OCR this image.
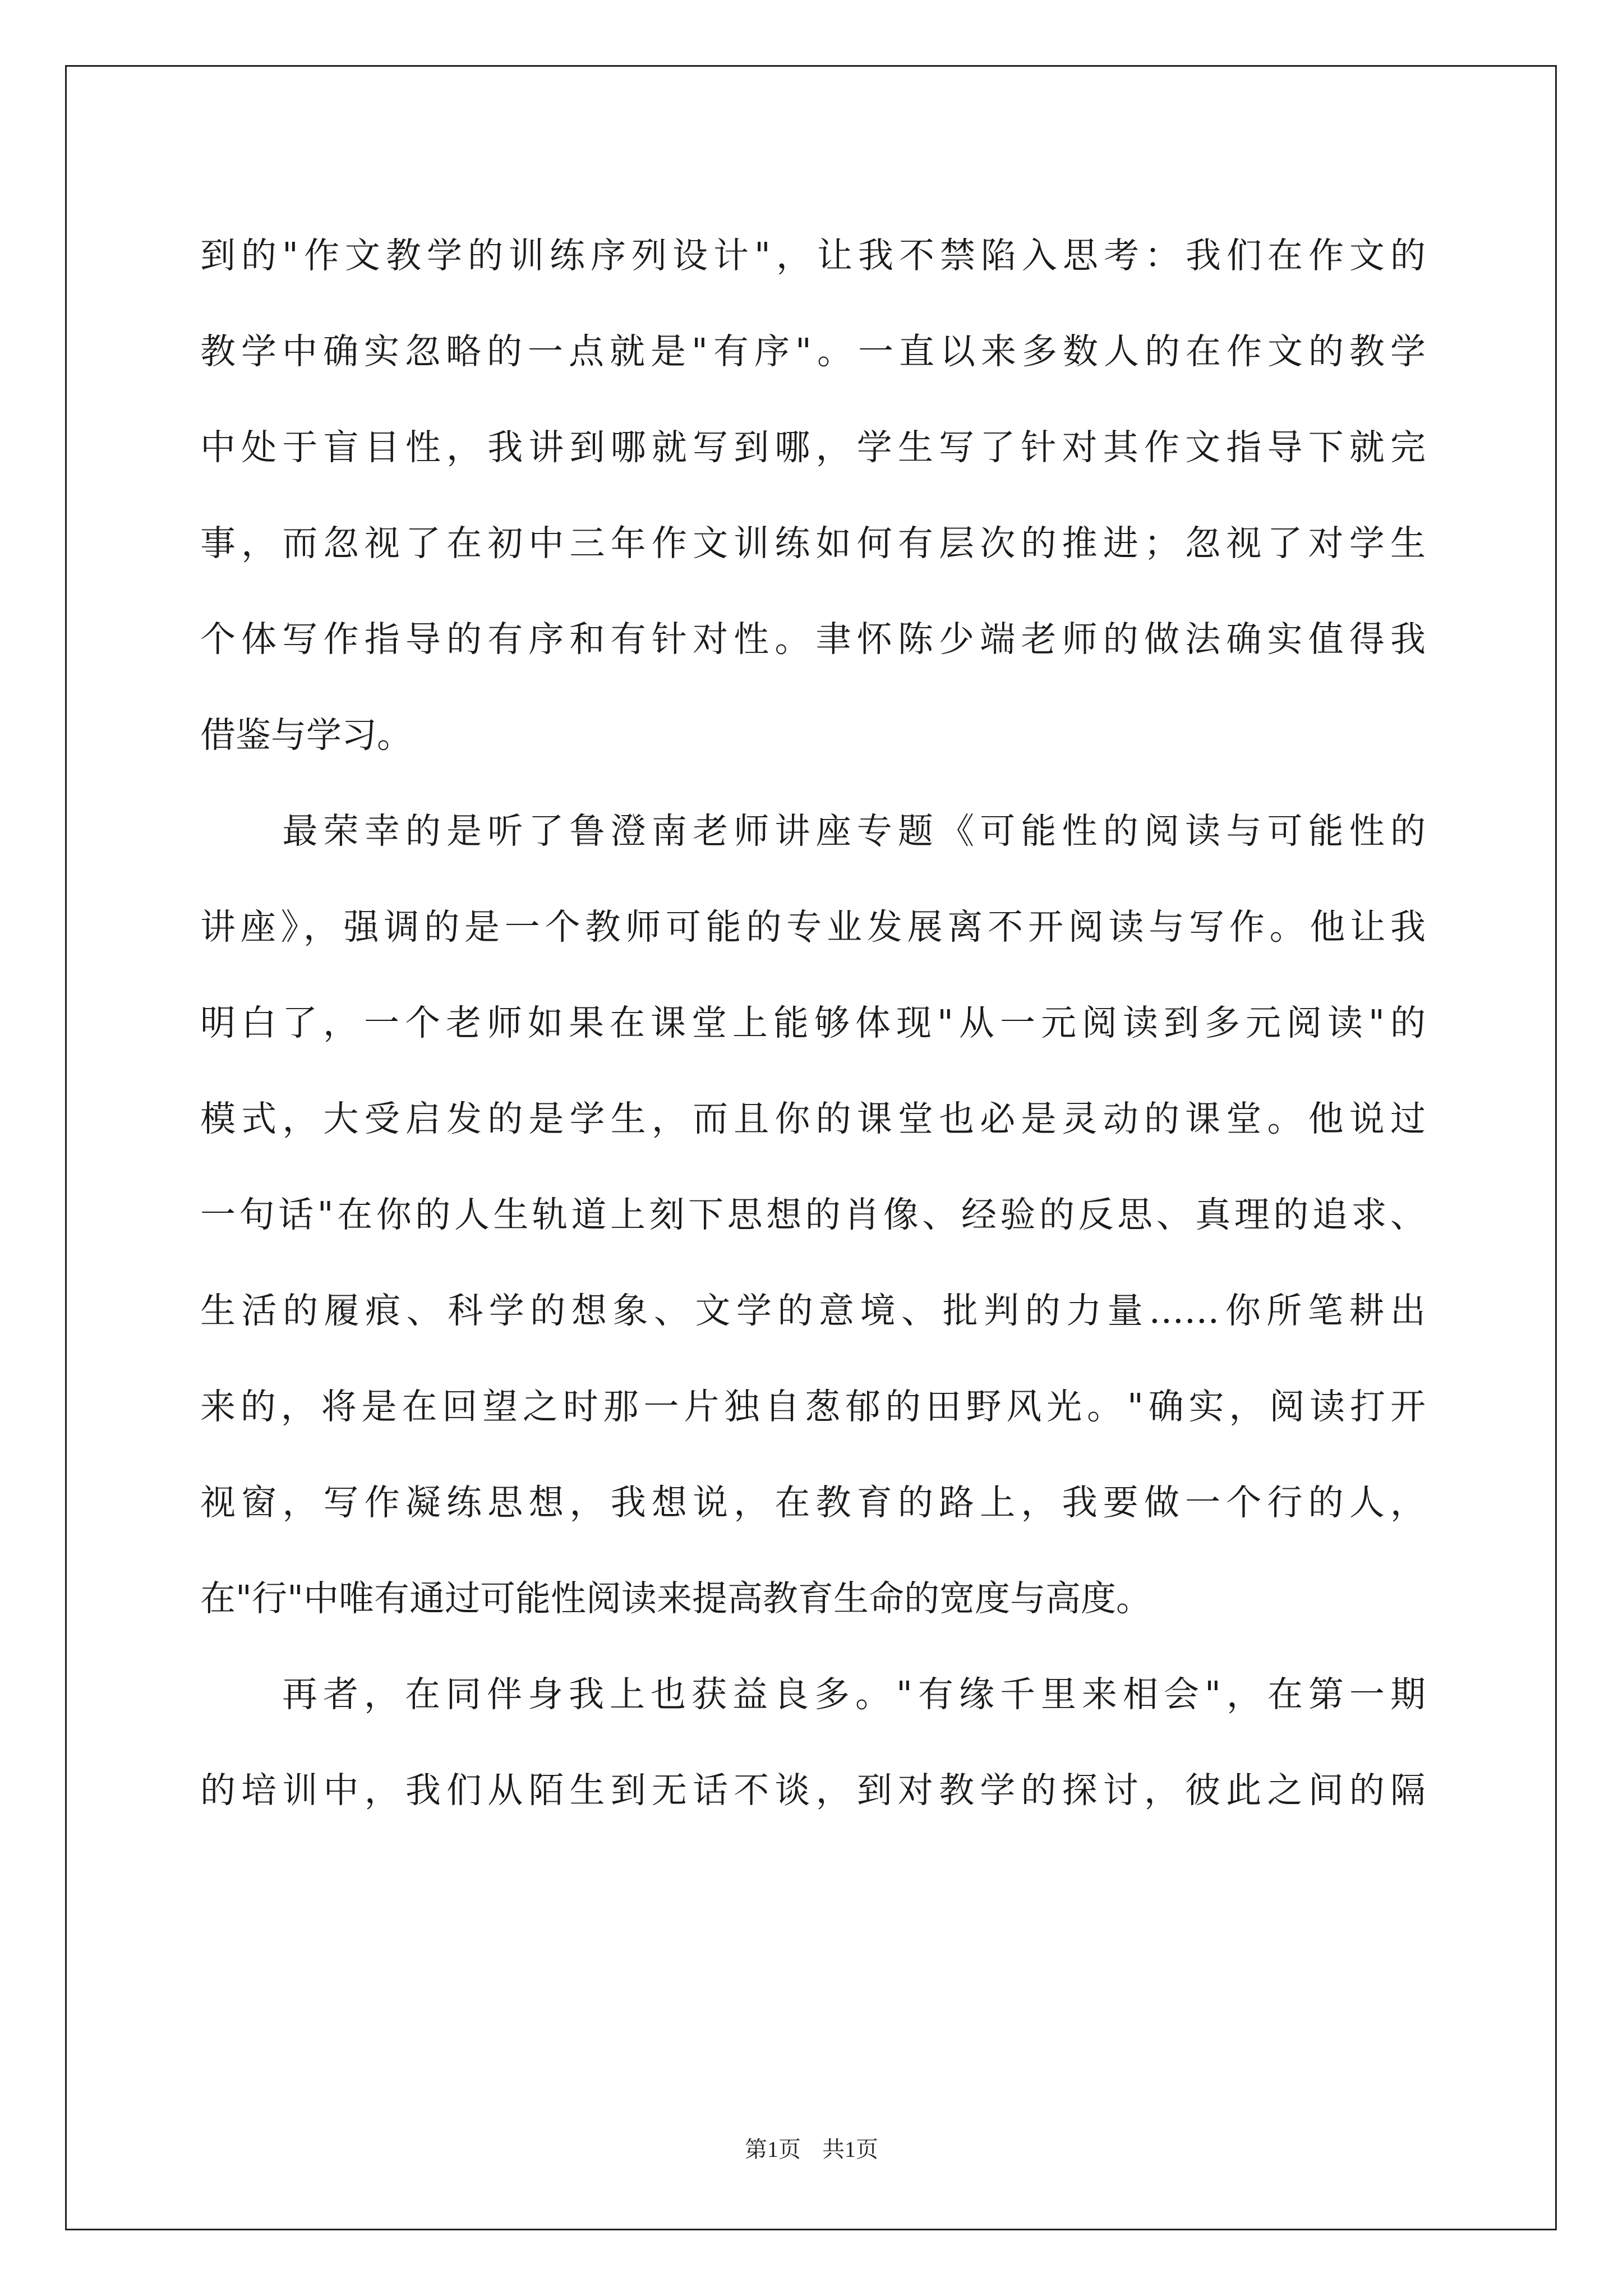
到的"作文教学的训练序列设计"，让我不禁陷入思考：我们在作文的
教学中确实忽略的一点就是"有序"。一直以来多数人的在作文的教学
中处于盲目性，我讲到哪就写到哪，学生写了针对其作文指导下就完
事，而忽视了在初中三年作文训练如何有层次的推进；忽视了对学生
个体写作指导的有序和有针对性。聿怀陈少端老师的做法确实值得我
借鉴与学习。
　　最荣幸的是听了鲁澄南老师讲座专题《可能性的阅读与可能性的
讲座》，强调的是一个教师可能的专业发展离不开阅读与写作。他让我
明白了，一个老师如果在课堂上能够体现"从一元阅读到多元阅读"的
模式，大受启发的是学生，而且你的课堂也必是灵动的课堂。他说过
一句话"在你的人生轨道上刻下思想的肖像、经验的反思、真理的追求、
生活的履痕、科学的想象、文学的意境、批判的力量……你所笔耕出
来的，将是在回望之时那一片独自葱郁的田野风光。"确实，阅读打开
视窗，写作凝练思想，我想说，在教育的路上，我要做一个行的人，
在"行"中唯有通过可能性阅读来提高教育生命的宽度与高度。
　　再者，在同伴身我上也获益良多。"有缘千里来相会"，在第一期
的培训中，我们从陌生到无话不谈，到对教学的探讨，彼此之间的隔
第1页 共1页
